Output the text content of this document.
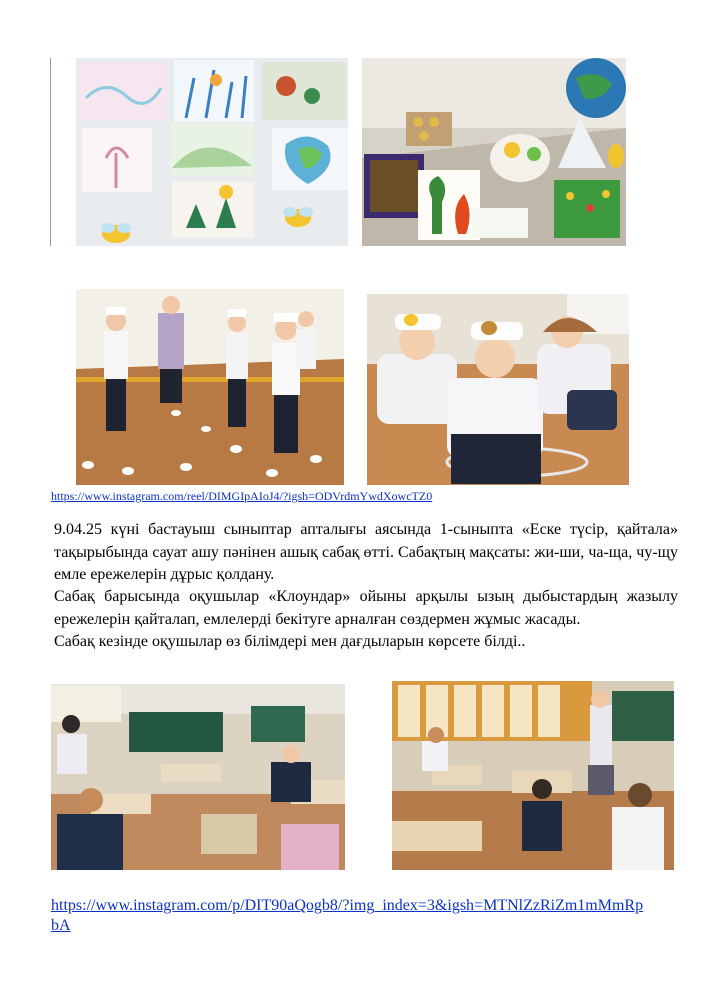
https://www.instagram.com/reel/DIMGIpAIoJ4/?igsh=ODVrdmYwdXowcTZ0

9.04.25 күні бастауыш сыныптар апталығы аясында 1-сыныпта «Еске түсір, қайтала» тақырыбында сауат ашу пәнінен ашық сабақ өтті. Сабақтың мақсаты: жи-ши, ча-ща, чу-щу емле ережелерін дұрыс қолдану.

Сабақ барысында оқушылар «Клоундар» ойыны арқылы ызың дыбыстардың жазылу ережелерін қайталап, емлелерді бекітуге арналған сөздермен жұмыс жасады.

Сабақ кезінде оқушылар өз білімдері мен дағдыларын көрсете білді..

https://www.instagram.com/p/DIT90aQogb8/?img_index=3&igsh=MTNlZzRiZm1mMmRp
bA
